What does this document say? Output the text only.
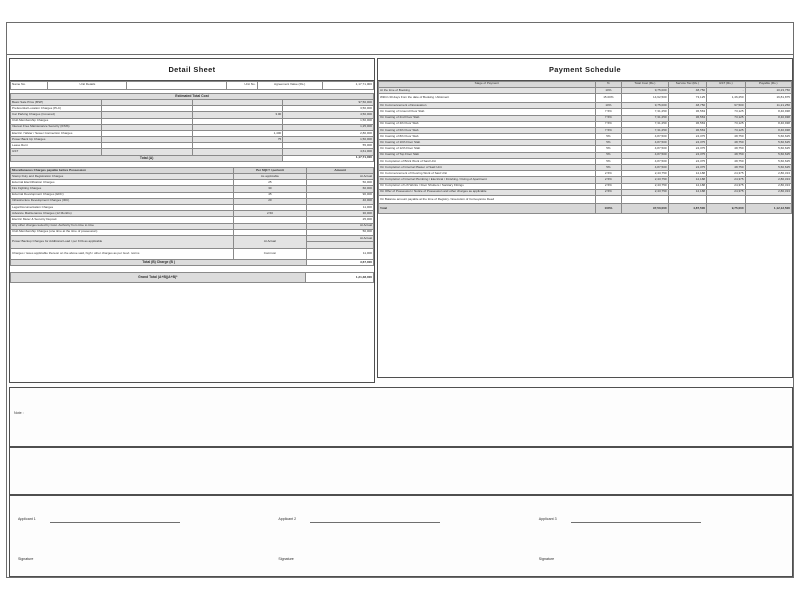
Detail Sheet
Name No.	Unit Details		Unit No.	Agreement Value (Rs.)	1,17,71,000
Estimated Total Cost			
Basic Sale Price (BSP)			97,50,000
Preferential Location Charges (PLC)			3,50,000
Car Parking Charges (Covered)		3.00	4,50,000
Club Membership Charges			1,50,000
Interest Free Maintenance Security (IFMS)			1,25,000
Electric / Water / Sewer Connection Charges		1,400	2,80,000
Power Back Up Charges		75	1,50,000
Lease Rent			55,000
GST			4,61,000
Total (A)			1,17,71,000
Miscellaneous Charges payable before Possession	Per SQFT / per/unit	Amount
Stamp Duty and Registration Charges	As applicable	At Actual
External Electrification Charges	25	50,000
Fire Fighting Charges	30	60,000
External Development Charges (EDC)	45	90,000
Infrastructure Development Charges (IDC)	20	40,000
Legal Documentation Charges		11,000
Advance Maintenance Charges (12 Months)	2.50	30,000
Electric Meter & Security Deposit		25,000
Any other charges levied by Govt. Authority from time to time		At Actual
Club Membership Charges (one time at the time of possession)		50,000
Power Backup Charges for Additional Load / per KVA as applicable	At Actual	At Actual

Charges / taxes applicable thereon on the above said, high / other charges as per Govt. norms	Common	11,000
Total (B) Charge (B )		3,67,000
Grand Total (A+B)(A+B)*	1,21,38,000
Payment Schedule
Stage of Payment	%	Total Cost (Rs.)	Service Tax (Rs.)	GST (Rs.)	Payable (Rs.)
At the time of Booking	10%	9,75,000	48,750	-	10,23,750
Within 30 days from the date of Booking / Allotment	15.00%	14,62,500	73,125	1,46,250	16,81,875
On Commencement of Excavation	10%	9,75,000	48,750	97,500	11,21,250
On Casting of Ground Floor Slab	7.5%	7,31,250	36,563	73,125	8,40,938
On Casting of 2nd Floor Slab	7.5%	7,31,250	36,563	73,125	8,40,938
On Casting of 4th Floor Slab	7.5%	7,31,250	36,563	73,125	8,40,938
On Casting of 6th Floor Slab	7.5%	7,31,250	36,563	73,125	8,40,938
On Casting of 8th Floor Slab	5%	4,87,500	24,375	48,750	5,60,625
On Casting of 10th Floor Slab	5%	4,87,500	24,375	48,750	5,60,625
On Casting of 12th Floor Slab	5%	4,87,500	24,375	48,750	5,60,625
On Casting of Top Floor Slab	5%	4,87,500	24,375	48,750	5,60,625
On Completion of Brick Work of Said Unit	5%	4,87,500	24,375	48,750	5,60,625
On Completion of Internal Plaster of Said Unit	5%	4,87,500	24,375	48,750	5,60,625
On Commencement of Flooring Work of Said Unit	2.5%	2,43,750	12,188	24,375	2,80,313
On Completion of Internal Plumbing / Electrical / Finishing / Fixing of Apartment	2.5%	2,43,750	12,188	24,375	2,80,313
On Completion of Lift Works / Door Shutters / Sanitary Fittings	2.5%	2,43,750	12,188	24,375	2,80,313
On Offer of Possession / Notice of Possession and other charges as applicable	2.5%	2,43,750	12,188	24,375	2,80,313
On Balance amount payable at the time of Registry / Execution of Conveyance Deed					
Total	100%	97,50,000	4,87,500	9,75,000	1,12,12,500
Note :
Applicant 1
Signature
Applicant 2
Signature
Applicant 3
Signature
